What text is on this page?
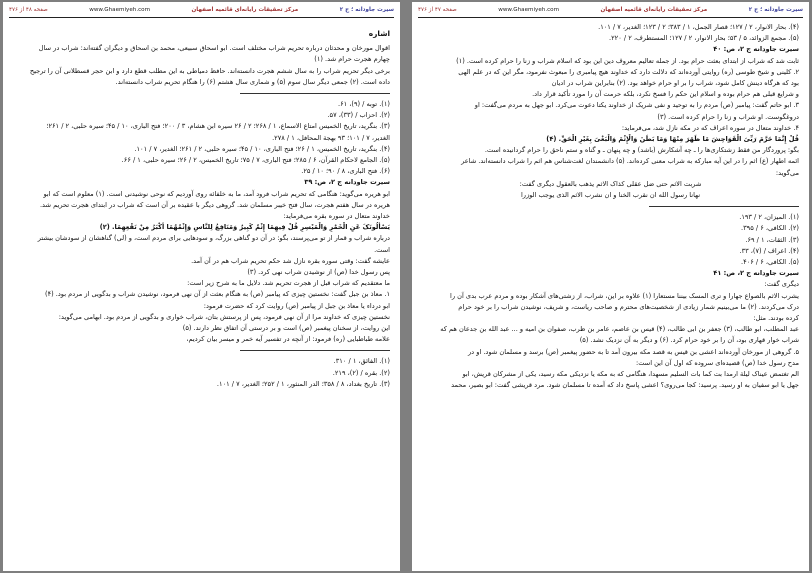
سیرت جاودانه ؛ ج ۲
مرکز تحقیقات رایانه‌ای قائمیه اصفهان
www.Ghaemiyeh.com
صفحه ۴۸ از ۴۷۶
اشاره
اقوال مورخان و محدثان درباره تحریم شراب مختلف است. ابو اسحاق سبیعی، محمد بن اسحاق و دیگران گفته‌اند: شراب در سال
چهارم هجرت حرام شد. (۱)
برخی دیگر تحریم شراب را به سال ششم هجرت دانسته‌اند. حافظ دمیاطی به این مطلب قطع دارد و ابن حجر قسطلانی آن را ترجیح
داده است. (۲) جمعی دیگر سال سوم (۵) و شماری سال هشتم (۶) را هنگام تحریم شراب دانسته‌اند.
(۱). توبه / (۹)، ۶۱.
(۲). احزاب / (۳۳)، ۵۷.
(۳). بنگرید، تاریخ الخمیس امتاع الاسماع، ۱ / ۲۶۸؛ ۲ / ۲۶ سیره ابن هشام، ۳ / ۲۰۰؛ فتح الباری، ۱۰ / ۴۵؛ سیره حلبی، ۲ / ۲۶۱؛
الغدیر، ۷ / ۱۰۱؛ ۹۳ بهجة المحافل، ۱ / ۲۷۸.
(۴). بنگرید، تاریخ الخمیس، ۱ / ۲۶؛ فتح الباری، ۱۰ / ۴۵؛ سیره حلبی، ۲ / ۲۶۱؛ الغدیر، ۷ / ۱۰۱.
(۵). الجامع لاحکام القرآن، ۶ / ۲۸۵؛ فتح الباری، ۷ / ۷۵؛ تاریخ الخمیس، ۲ / ۲۶؛ سیره حلبی، ۱ / ۶۶.
(۶). فتح الباری، ۸ / ۹۰؛ ۱۰ / ۲۵.
سیرت جاودانه ج ۲، ص: ۳۹
ابو هریره می‌گوید: هنگامی که تحریم شراب فرود آمد، ما به خلفائه روی آوردیم که نوحی نوشیدنی است. (۱) معلوم است که ابو
هریره در سال هفتم هجرت، سال فتح خیبر مسلمان شد. گروهی دیگر با عقیده بر آن است که شراب در ابتدای هجرت تحریم شد.
خداوند متعال در سوره بقره می‌فرماید:
یَسْأَلُونَکَ عَنِ الْخَمْرِ وَالْمَیْسِرِ قُلْ فِیهِمَا إِثْمٌ کَبِیرٌ وَمَنَافِعُ لِلنَّاسِ وَإِثْمُهُمَا أَکْبَرُ مِنْ نَفْعِهِمَا. (۲)
درباره شراب و قمار از تو می‌پرسند، بگو: در آن دو گناهی بزرگ، و سودهایی برای مردم است، و (لی) گناهشان از سودشان بیشتر
است.
عایشه گفت: وقتی سوره بقره نازل شد حکم تحریم شراب هم در آن آمد.
پس رسول خدا (ص) از نوشیدن شراب نهی کرد. (۳)
ما معتقدیم که شراب قبل از هجرت تحریم شد. دلایل ما به شرح زیر است:
۱. معاذ بن جبل گفت: نخستین چیزی که پیامبر (ص) به هنگام بعثت از آن نهی فرمود، نوشیدن شراب و بدگویی از مردم بود. (۴)
ابو درداء یا معاذ بن جبل از پیامبر (ص) روایت کرد که حضرت فرمود:
نخستین چیزی که خداوند مرا از آن نهی فرمود، پس از پرستش بتان، شراب خواری و بدگویی از مردم بود. ابهامی می‌گوید:
این روایت، از سخنان پیغمبر (ص) است و بر درستی آن اتفاق نظر دارند. (۵)
علامه طباطبایی (ره) فرمود: از آنچه در تفسیر آیه خمر و میسر بیان کردیم،
(۱). الفائق، ۱ / ۳۱۰.
(۲). بقره / (۲)، ۲۱۹.
(۳). تاریخ بغداد، ۸ / ۳۵۸؛ الدر المنثور، ۱ / ۲۵۲؛ الغدیر، ۷ / ۱۰۱.
سیرت جاودانه ؛ ج ۲
مرکز تحقیقات رایانه‌ای قائمیه اصفهان
www.Ghaemiyeh.com
صفحه ۴۷ از ۴۷۶
(۴). بحار الانوار، ۲ / ۱۲۷؛ قصار الجمل، ۱ / ۳۸۳؛ ۲ / ۱۲۳؛ الغدیر، ۷ / ۱۰۱.
(۵). مجمع الزوائد، ۵ / ۵۳؛ بحار الانوار، ۲ / ۱۲۷؛ المستطرف، ۲ / ۲۲۰.
سیرت جاودانه ج ۲، ص: ۴۰
ثابت شد که شراب از ابتدای بعثت حرام بود. از جمله تعالیم معروف دین این بود که اسلام شراب و زنا را حرام کرده است. (۱)
۲. کلینی و شیخ طوسی (ره) روایتی آورده‌اند که دلالت دارد که خداوند هیچ پیامبری را مبعوث نفرمود، مگر این که در علم الهی
بود که هرگاه دینش کامل شود، شراب را بر او حرام خواهد بود. (۲) بنابراین شراب در ادیان
و شرایع قبلی هم حرام بوده و اسلام این حکم را فسخ نکرد، بلکه حرمت آن را مورد تأکید قرار داد.
۳. ابو حاتم گفت: پیامبر (ص) مردم را به توحید و نفی شریک از خداوند یکتا دعوت می‌کرد. ابو جهل به مردم می‌گفت: او
دروغگوست. او شراب و زنا را حرام کرده است. (۳)
۴. خداوند متعال در سوره اعراف که در مکه نازل شد، می‌فرماید:
قُلْ إِنَّمَا حَرَّمَ رَبِّیَ الْفَوَاحِشَ مَا ظَهَرَ مِنْهَا وَمَا بَطَنَ وَالْإِثْمَ وَالْبَغْیَ بِغَیْرِ الْحَقِّ. (۴)
بگو: پروردگار من فقط زشتکاری‌ها را ـ چه آشکارش (باشد) و چه پنهان ـ و گناه و ستم ناحق را حرام گردانیده است.
ائمه اطهار (ع) اثم را در این آیه مبارکه به شراب معنی کرده‌اند. (۵) دانشمندان لغت‌شناس هم اثم را شراب دانسته‌اند. شاعر
می‌گوید:
شربت الاثم حتی ضل عقلی کذاک الاثم یذهب بالعقول دیگری گفت:
نهانا رسول الله ان نقرب الخنا و ان نشرب الاثم الذی یوجب الوزرا
(۱). المیزان، ۲ / ۱۹۳.
(۲). الکافی، ۶ / ۳۹۵.
(۳). الثقات، ۱ / ۶۹.
(۴). اعراف / (۷)، ۳۳.
(۵). الکافی، ۶ / ۴۰۶.
سیرت جاودانه ج ۲، ص: ۴۱
دیگری گفت:
یشرب الاثم بالصواع جهارا و تری المسک بیننا مستعارا (۱) علاوه بر این، شراب، از زشتی‌های آشکار بوده و مردم عرب بدی آن را
درک می‌کردند. (۲) ما می‌بینیم شمار زیادی از شخصیت‌های محترم و صاحب ریاست، و شریف، نوشیدن شراب را بر خود حرام
کرده بودند. مثل:
عبد المطلب، ابو طالب، (۳) جعفر بن ابی طالب، (۴) قیس بن عاصم، عامر بن ظرب، صفوان بن امیه و ... عبد الله بن جدعان هم که
شراب خوار قهاری بود، آن را بر خود حرام کرد. (۶) و دیگر به آن نزدیک نشد. (۵)
۵. گروهی از مورخان آورده‌اند اعشی بن قیس به قصد مکه بیرون آمد تا به حضور پیغمبر (ص) برسد و مسلمان شود. او در
مدح رسول خدا (ص) قصیده‌ای سروده که اول آن این است:
الم تغتمض عیناک لیلة ارمدا بت کما بات السلیم مسهدا، هنگامی که به مکه یا نزدیکی مکه رسید، یکی از مشرکان قریش، ابو
جهل یا ابو سفیان به او رسید. پرسید: کجا می‌روی؟ اعشی پاسخ داد که آمده تا مسلمان شود. مرد قریشی گفت: ابو بصیر، محمد
